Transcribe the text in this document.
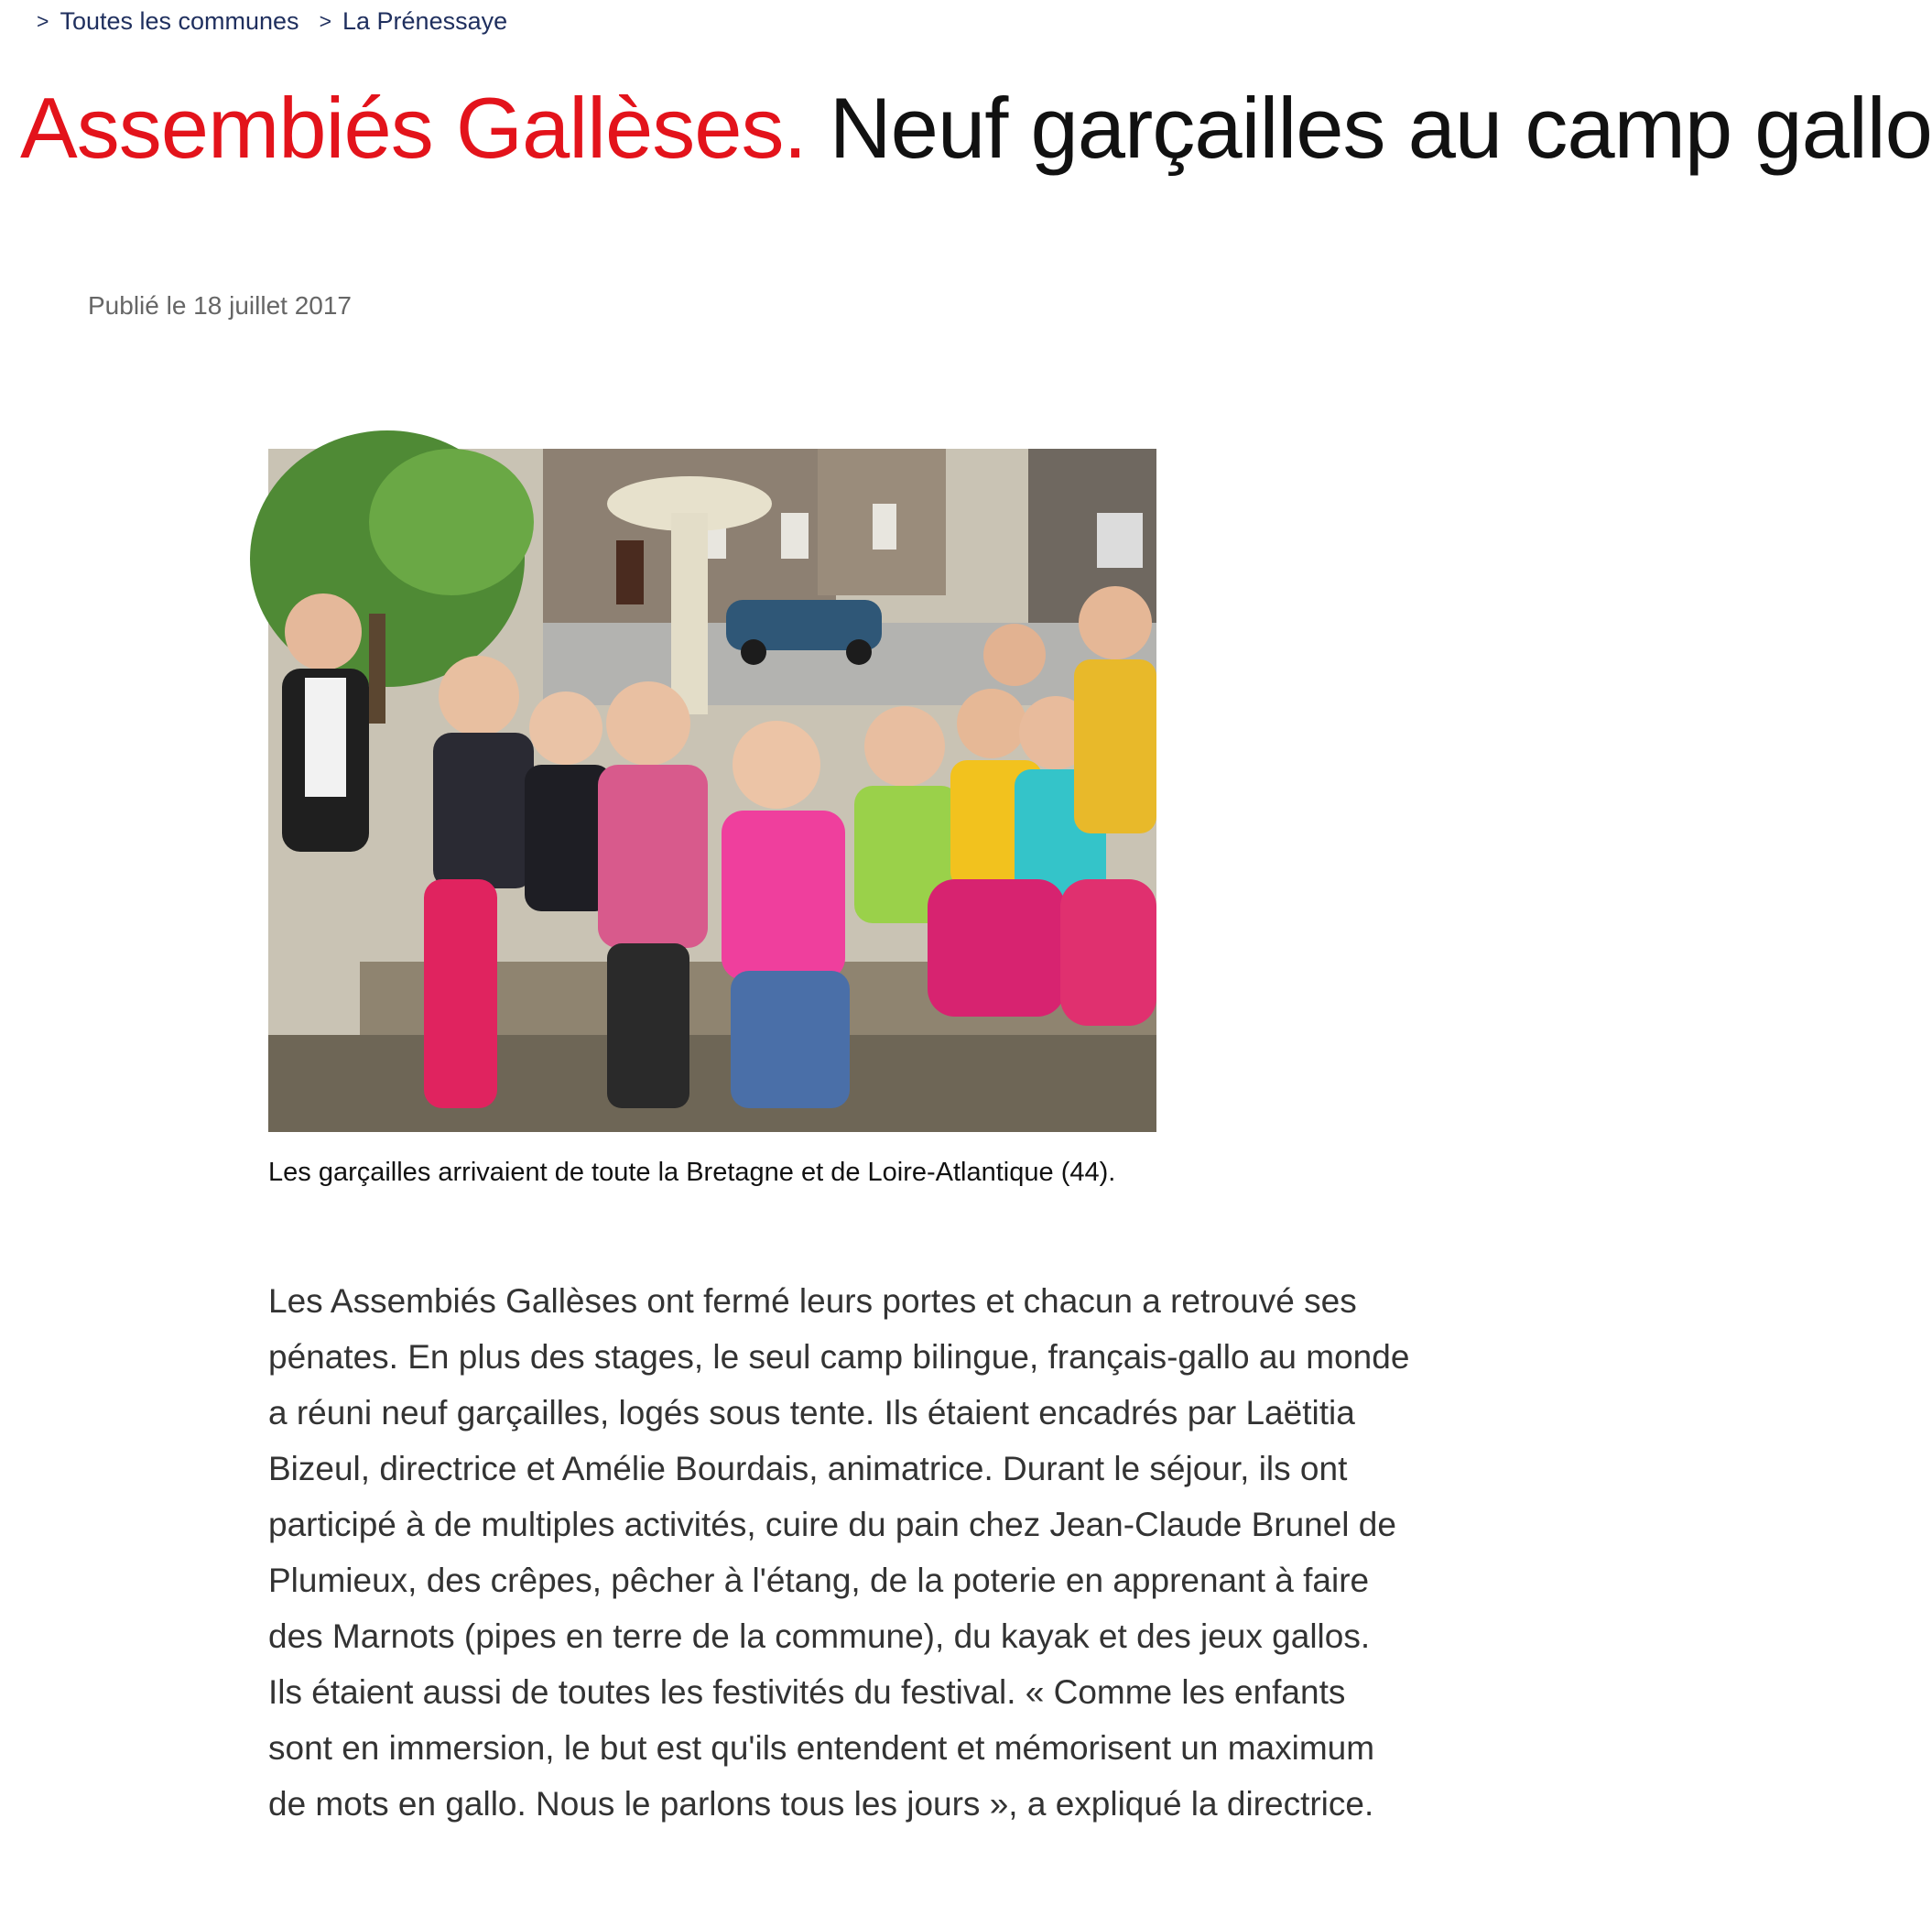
> Toutes les communes > La Prénessaye
Assembiés Gallèses. Neuf garçailles au camp gallo
Publié le 18 juillet 2017
Les garçailles arrivaient de toute la Bretagne et de Loire-Atlantique (44).

Les Assembiés Gallèses ont fermé leurs portes et chacun a retrouvé ses pénates. En plus des stages, le seul camp bilingue, français-gallo au monde a réuni neuf garçailles, logés sous tente. Ils étaient encadrés par Laëtitia Bizeul, directrice et Amélie Bourdais, animatrice. Durant le séjour, ils ont participé à de multiples activités, cuire du pain chez Jean-Claude Brunel de Plumieux, des crêpes, pêcher à l'étang, de la poterie en apprenant à faire des Marnots (pipes en terre de la commune), du kayak et des jeux gallos. Ils étaient aussi de toutes les festivités du festival. « Comme les enfants sont en immersion, le but est qu'ils entendent et mémorisent un maximum de mots en gallo. Nous le parlons tous les jours », a expliqué la directrice.
